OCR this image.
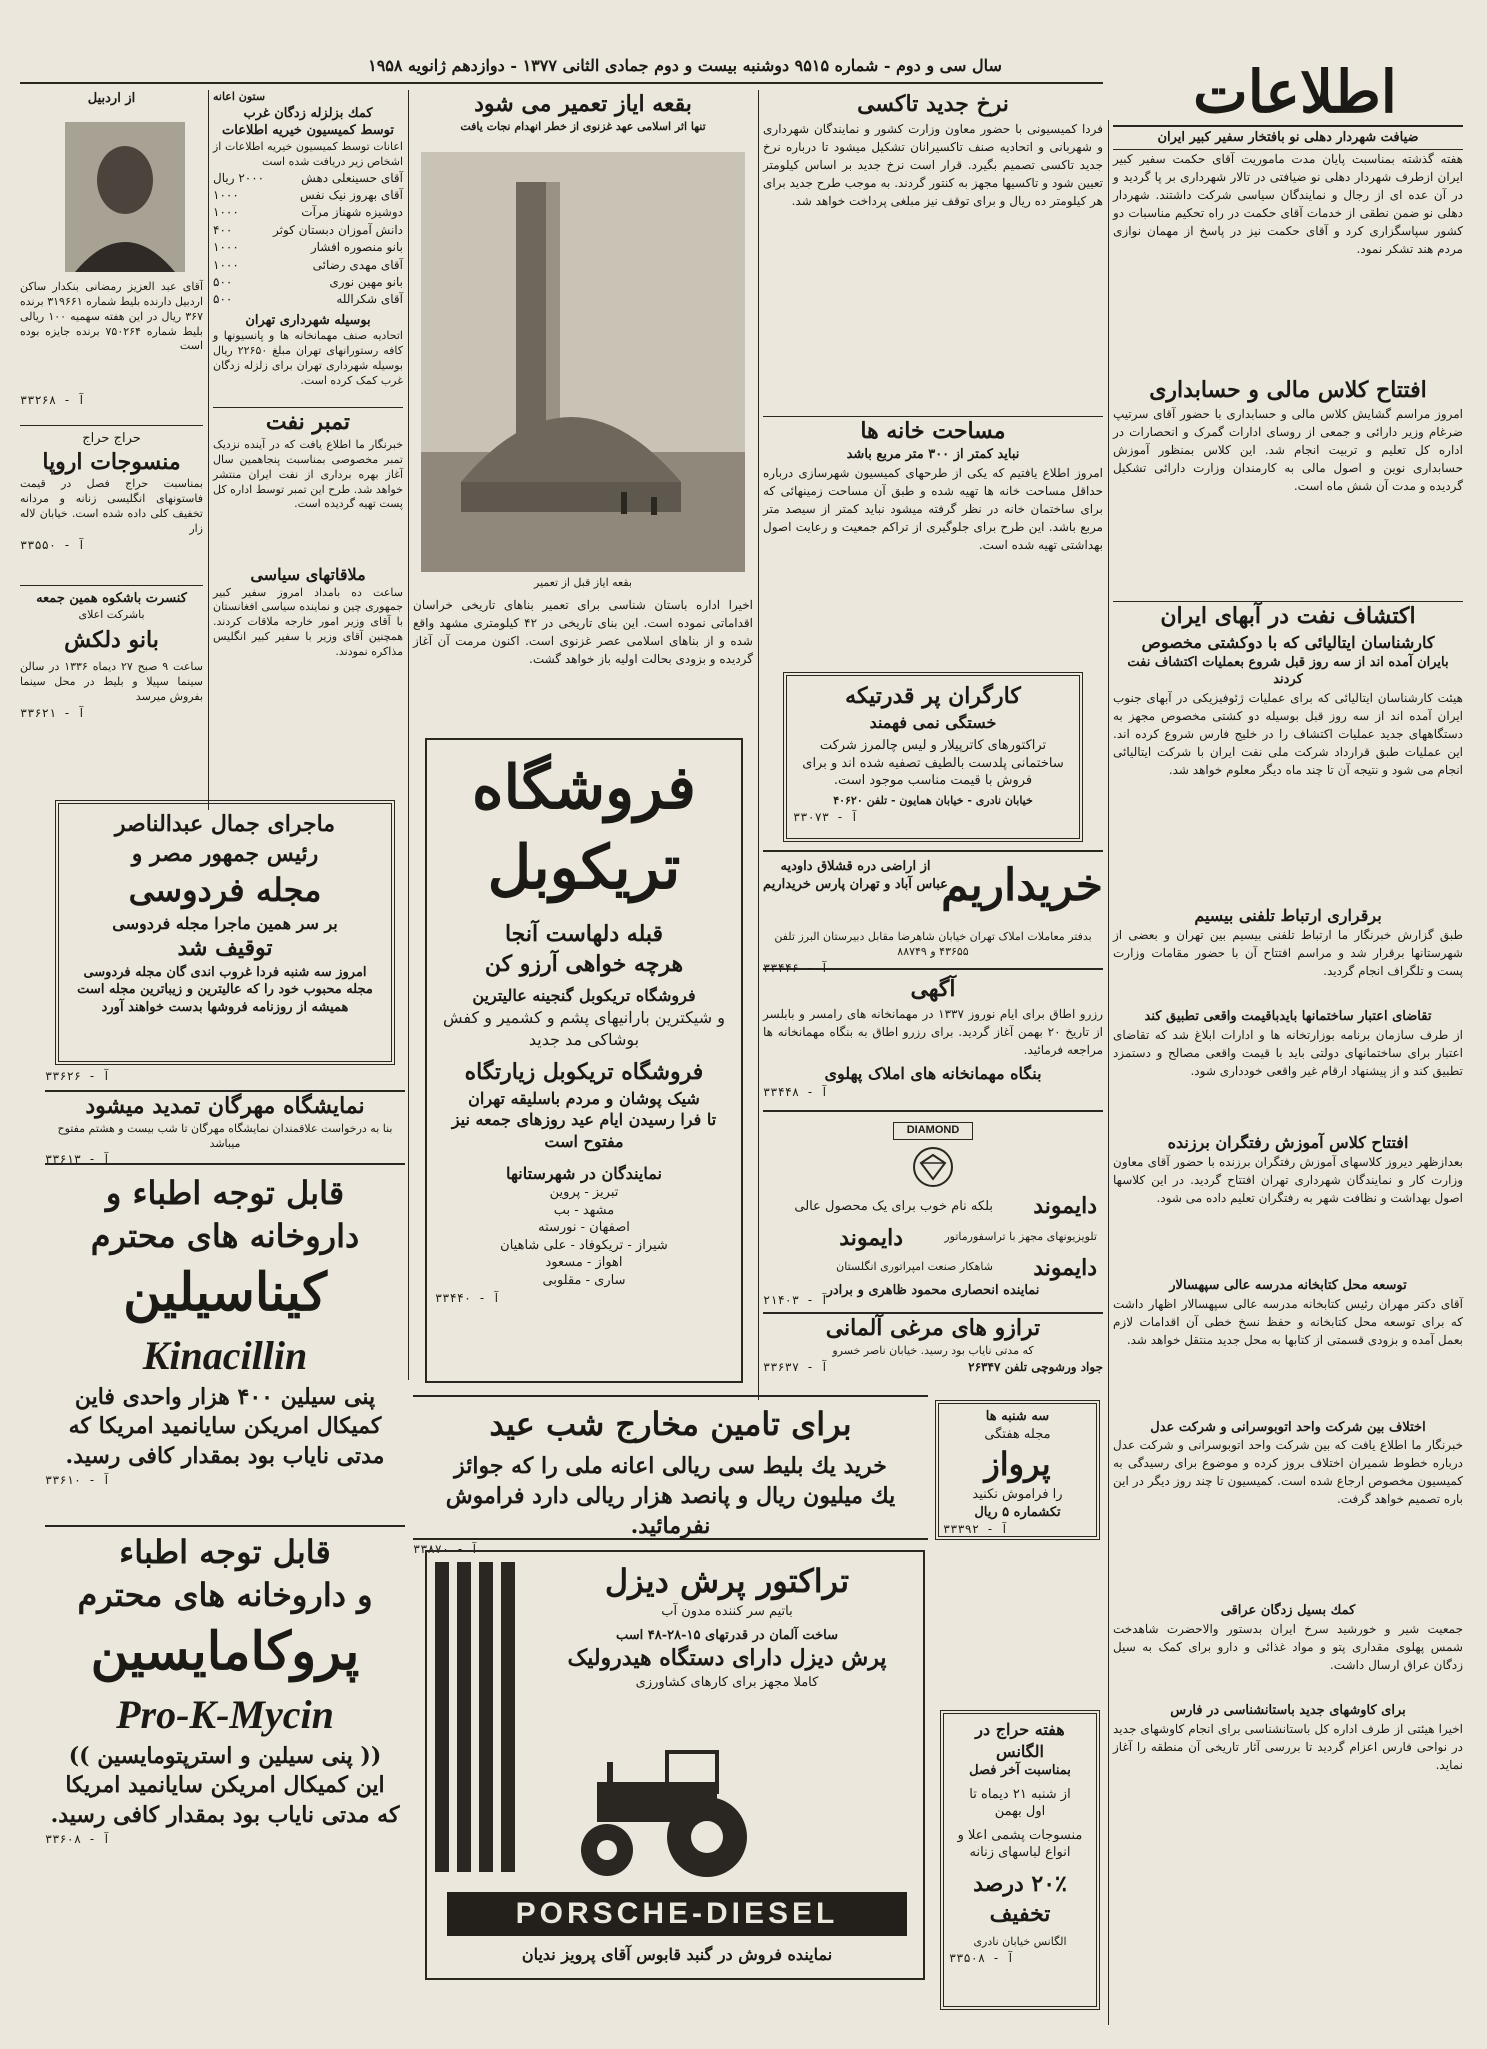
اطلاعات
سال سی و دوم - شماره ۹۵۱۵ دوشنبه بیست و دوم جمادی الثانی ۱۳۷۷ - دوازدهم ژانویه ۱۹۵۸
ضیافت شهردار دهلی نو بافتخار سفیر کبیر ایران
هفته گذشته بمناسبت پایان مدت ماموریت آقای حکمت سفیر کبیر ایران ازطرف شهردار دهلی نو ضیافتی در تالار شهرداری بر پا گردید و در آن عده ای از رجال و نمایندگان سیاسی شرکت داشتند. شهردار دهلی نو ضمن نطقی از خدمات آقای حکمت در راه تحکیم مناسبات دو کشور سپاسگزاری کرد و آقای حکمت نیز در پاسخ از مهمان نوازی مردم هند تشکر نمود.
افتتاح کلاس مالی و حسابداری
امروز مراسم گشایش کلاس مالی و حسابداری با حضور آقای سرتیپ ضرغام وزیر دارائی و جمعی از روسای ادارات گمرک و انحصارات در اداره کل تعلیم و تربیت انجام شد. این کلاس بمنظور آموزش حسابداری نوین و اصول مالی به کارمندان وزارت دارائی تشکیل گردیده و مدت آن شش ماه است.
اکتشاف نفت در آبهای ایران
کارشناسان ایتالیائی که با دوکشتی مخصوص
بایران آمده اند از سه روز قبل شروع بعملیات اکتشاف نفت کردند
هیئت کارشناسان ایتالیائی که برای عملیات ژئوفیزیکی در آبهای جنوب ایران آمده اند از سه روز قبل بوسیله دو کشتی مخصوص مجهز به دستگاههای جدید عملیات اکتشاف را در خلیج فارس شروع کرده اند. این عملیات طبق قرارداد شرکت ملی نفت ایران با شرکت ایتالیائی انجام می شود و نتیجه آن تا چند ماه دیگر معلوم خواهد شد.
برقراری ارتباط تلفنی بیسیم
طبق گزارش خبرنگار ما ارتباط تلفنی بیسیم بین تهران و بعضی از شهرستانها برقرار شد و مراسم افتتاح آن با حضور مقامات وزارت پست و تلگراف انجام گردید.
تقاضای اعتبار ساختمانها بایدباقیمت واقعی تطبیق کند
از طرف سازمان برنامه بوزارتخانه ها و ادارات ابلاغ شد که تقاضای اعتبار برای ساختمانهای دولتی باید با قیمت واقعی مصالح و دستمزد تطبیق کند و از پیشنهاد ارقام غیر واقعی خودداری شود.
افتتاح کلاس آموزش رفتگران برزنده
بعدازظهر دیروز کلاسهای آموزش رفتگران برزنده با حضور آقای معاون وزارت کار و نمایندگان شهرداری تهران افتتاح گردید. در این کلاسها اصول بهداشت و نظافت شهر به رفتگران تعلیم داده می شود.
توسعه محل کتابخانه مدرسه عالی سپهسالار
آقای دکتر مهران رئیس کتابخانه مدرسه عالی سپهسالار اظهار داشت که برای توسعه محل کتابخانه و حفظ نسخ خطی آن اقدامات لازم بعمل آمده و بزودی قسمتی از کتابها به محل جدید منتقل خواهد شد.
اختلاف بین شرکت واحد اتوبوسرانی و شرکت عدل
خبرنگار ما اطلاع یافت که بین شرکت واحد اتوبوسرانی و شرکت عدل درباره خطوط شمیران اختلاف بروز کرده و موضوع برای رسیدگی به کمیسیون مخصوص ارجاع شده است. کمیسیون تا چند روز دیگر در این باره تصمیم خواهد گرفت.
کمك بسیل زدگان عراقی
جمعیت شیر و خورشید سرخ ایران بدستور والاحضرت شاهدخت شمس پهلوی مقداری پتو و مواد غذائی و دارو برای کمک به سیل زدگان عراق ارسال داشت.
برای کاوشهای جدید باستانشناسی در فارس
اخیرا هیئتی از طرف اداره کل باستانشناسی برای انجام کاوشهای جدید در نواحی فارس اعزام گردید تا بررسی آثار تاریخی آن منطقه را آغاز نماید.
نرخ جدید تاکسی
فردا کمیسیونی با حضور معاون وزارت کشور و نمایندگان شهرداری و شهربانی و اتحادیه صنف تاکسیرانان تشکیل میشود تا درباره نرخ جدید تاکسی تصمیم بگیرد. قرار است نرخ جدید بر اساس کیلومتر تعیین شود و تاکسیها مجهز به کنتور گردند. به موجب طرح جدید برای هر کیلومتر ده ریال و برای توقف نیز مبلغی پرداخت خواهد شد.
مساحت خانه ها
نباید کمتر از ۳۰۰ متر مربع باشد
امروز اطلاع یافتیم که یکی از طرحهای کمیسیون شهرسازی درباره حداقل مساحت خانه ها تهیه شده و طبق آن مساحت زمینهائی که برای ساختمان خانه در نظر گرفته میشود نباید کمتر از سیصد متر مربع باشد. این طرح برای جلوگیری از تراکم جمعیت و رعایت اصول بهداشتی تهیه شده است.
کارگران پر قدرتیکه
خستگی نمی فهمند
تراکتورهای کاترپیلار و لیس چالمرز شرکت ساختمانی پلدست بالطیف تصفیه شده اند و برای فروش با قیمت مناسب موجود است.
خیابان نادری - خیابان همایون - تلفن ۴۰۶۲۰
آ - ۳۳۰۷۳
خریداریم
از اراضی دره قشلاق داودیه عباس آباد و تهران پارس خریداریم
بدفتر معاملات املاک تهران خیابان شاهرضا مقابل دبیرستان البرز تلفن ۴۳۶۵۵ و ۸۸۷۴۹
آ - ۳۳۴۴۶
آگهی
رزرو اطاق برای ایام نوروز ۱۳۳۷ در مهمانخانه های رامسر و بابلسر از تاریخ ۲۰ بهمن آغاز گردید. برای رزرو اطاق به بنگاه مهمانخانه ها مراجعه فرمائید.
بنگاه مهمانخانه های املاک پهلوی
آ - ۳۳۴۴۸
DIAMOND
دایموند
بلکه نام خوب برای یک محصول عالی
دایموند	تلویزیونهای مجهز با تراسفورماتور
دایموند
شاهکار صنعت امپراتوری انگلستان
نماینده انحصاری محمود ظاهری و برادر
آ - ۲۱۴۰۳
ترازو های مرغی آلمانی
که مدتی نایاب بود رسید. خیابان ناصر خسرو
جواد ورشوچی تلفن ۲۶۳۴۷
آ - ۳۳۶۳۷
بقعه ایاز تعمیر می شود
تنها اثر اسلامی عهد غزنوی از خطر انهدام نجات یافت
بقعه ایاز قبل از تعمیر
اخیرا اداره باستان شناسی برای تعمیر بناهای تاریخی خراسان اقداماتی نموده است. این بنای تاریخی در ۴۲ کیلومتری مشهد واقع شده و از بناهای اسلامی عصر غزنوی است. اکنون مرمت آن آغاز گردیده و بزودی بحالت اولیه باز خواهد گشت.
فروشگاه
تریکوبل
قبله دلهاست آنجا
هرچه خواهی آرزو کن
فروشگاه تریکوبل گنجینه عالیترین
و شیکترین بارانیهای پشم و کشمیر و کفش بوشاکی مد جدید
فروشگاه تریکوبل زیارتگاه
شیک پوشان و مردم باسلیقه تهران
تا فرا رسیدن ایام عید روزهای جمعه نیز مفتوح است
نمایندگان در شهرستانها
تبریز - پروین
مشهد - بب
اصفهان - نورسته
شیراز - تریکوفاد - علی شاهیان
اهواز - مسعود
ساری - مقلوبی
آ - ۳۳۴۴۰
ستون اعانه
کمك بزلزله زدگان غرب
توسط کمیسیون خیریه اطلاعات
اعانات توسط کمیسیون خیریه اطلاعات از اشخاص زیر دریافت شده است
آقای حسینعلی دهش
۲۰۰۰ ریال
آقای بهروز نیک نفس
۱۰۰۰
دوشیزه شهناز مرآت
۱۰۰۰
دانش آموزان دبستان کوثر
۴۰۰
بانو منصوره افشار
۱۰۰۰
آقای مهدی رضائی
۱۰۰۰
بانو مهین نوری
۵۰۰
آقای شکرالله
۵۰۰
بوسیله شهرداری تهران
اتحادیه صنف مهمانخانه ها و پانسیونها و کافه رستورانهای تهران مبلغ ۲۲۶۵۰ ریال بوسیله شهرداری تهران برای زلزله زدگان غرب کمک کرده است.
تمبر نفت
خبرنگار ما اطلاع یافت که در آینده نزدیک تمبر مخصوصی بمناسبت پنجاهمین سال آغاز بهره برداری از نفت ایران منتشر خواهد شد. طرح این تمبر توسط اداره کل پست تهیه گردیده است.
ملاقاتهای سیاسی
ساعت ده بامداد امروز سفیر کبیر جمهوری چین و نماینده سیاسی افغانستان با آقای وزیر امور خارجه ملاقات کردند. همچنین آقای وزیر با سفیر کبیر انگلیس مذاکره نمودند.
از اردبیل
آقای عبد العزیز رمضانی بنکدار ساکن اردبیل دارنده بلیط شماره ۳۱۹۶۶۱ برنده ۳۶۷ ریال در این هفته سهمیه ۱۰۰ ریالی بلیط شماره ۷۵۰۲۶۴ برنده جایزه بوده است
آ - ۳۳۲۶۸
حراج حراج
منسوجات اروپا
بمناسبت حراج فصل در قیمت فاستونهای انگلیسی زنانه و مردانه تخفیف کلی داده شده است. خیابان لاله زار
آ - ۳۳۵۵۰
کنسرت باشکوه همین جمعه
باشرکت اعلای
بانو دلکش
ساعت ۹ صبح ۲۷ دیماه ۱۳۳۶ در سالن سینما سپیلا و بلیط در محل سینما بفروش میرسد
آ - ۳۳۶۲۱
ماجرای جمال عبدالناصر
رئیس جمهور مصر و
مجله فردوسی
بر سر همین ماجرا مجله فردوسی
توقیف شد
امروز سه شنبه فردا غروب اندی گان مجله فردوسی
مجله محبوب خود را که عالیترین و زیباترین مجله است همیشه از روزنامه فروشها بدست خواهند آورد
آ - ۳۳۶۲۶
نمایشگاه مهرگان تمدید میشود
بنا به درخواست علاقمندان نمایشگاه مهرگان تا شب بیست و هشتم مفتوح میباشد
آ - ۳۳۶۱۳
قابل توجه اطباء و
داروخانه های محترم
کیناسیلین
Kinacillin
پنی سیلین ۴۰۰ هزار واحدی فاین
کمیکال امریکن سایانمید امریکا که
مدتی نایاب بود بمقدار کافی رسید.
آ - ۳۳۶۱۰
قابل توجه اطباء
و داروخانه های محترم
پروکامایسین
Pro-K-Mycin
(( پنی سیلین و استرپتومایسین ))
این کمیکال امریکن سایانمید امریکا
که مدتی نایاب بود بمقدار کافی رسید.
آ - ۳۳۶۰۸
برای تامین مخارج شب عید
خرید یك بلیط سی ریالی اعانه ملی را که جوائز
یك میلیون ریال و پانصد هزار ریالی دارد فراموش نفرمائید.
آ - ۳۳۸۷۰
سه شنبه ها
مجله هفتگی
پرواز
را فراموش نکنید
تکشماره ۵ ریال
آ - ۳۳۳۹۲
تراکتور پرش دیزل
باتیم سر کننده مدون آب
ساخت آلمان در قدرتهای ۱۵-۲۸-۴۸ اسب
پرش دیزل دارای دستگاه هیدرولیک
کاملا مجهز برای کارهای کشاورزی
PORSCHE-DIESEL
نماینده فروش در گنبد قابوس آقای پرویز ندیان
هفته حراج در الگانس
بمناسبت آخر فصل
از شنبه ۲۱ دیماه تا
اول بهمن
منسوجات پشمی اعلا و انواع لباسهای زنانه
۲۰٪ درصد تخفیف
الگانس خیابان نادری
آ - ۳۳۵۰۸
